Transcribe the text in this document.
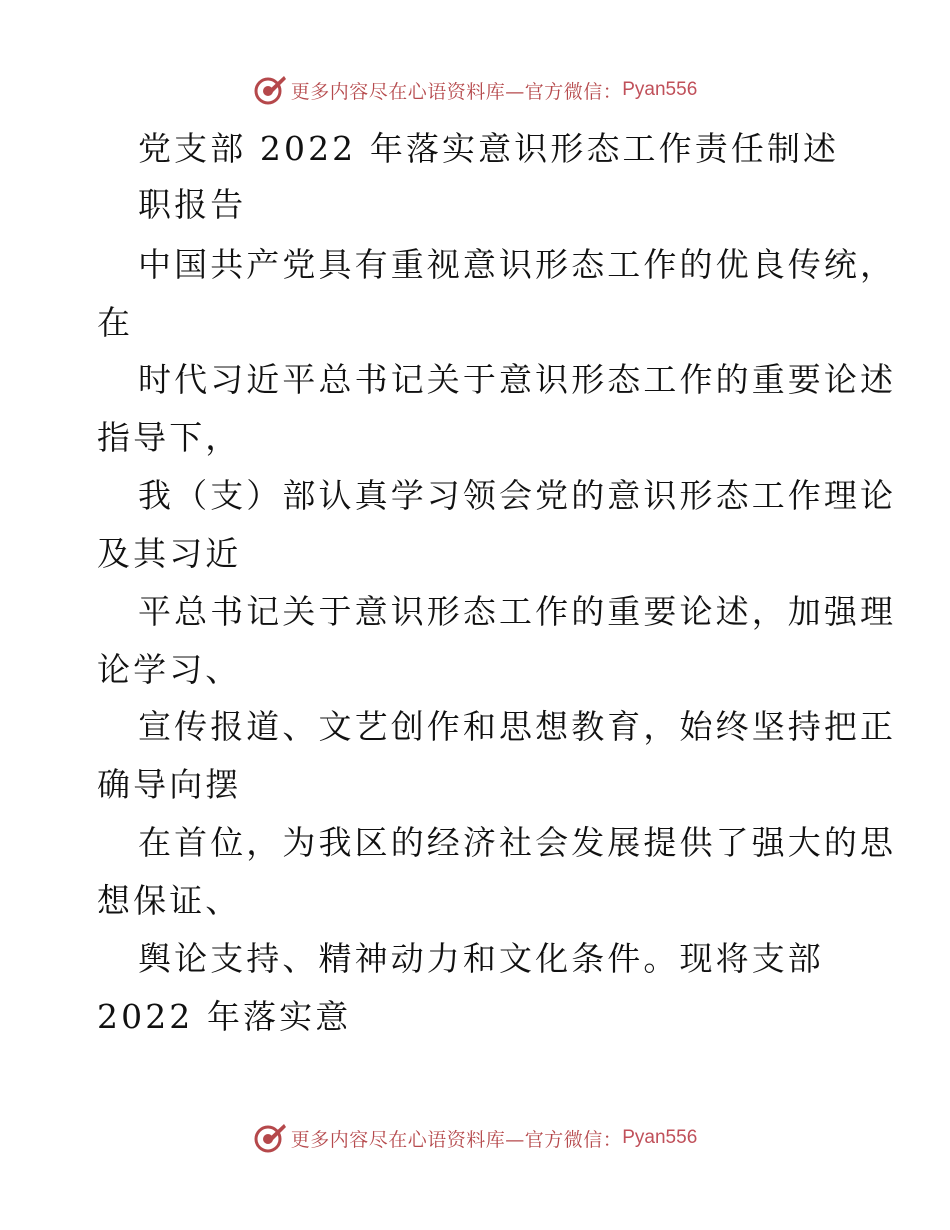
更多内容尽在心语资料库—官方微信： Pyan556
党支部 2022 年落实意识形态工作责任制述
职报告
中国共产党具有重视意识形态工作的优良传统，
在
时代习近平总书记关于意识形态工作的重要论述
指导下，
我（支）部认真学习领会党的意识形态工作理论
及其习近
平总书记关于意识形态工作的重要论述，加强理
论学习、
宣传报道、文艺创作和思想教育，始终坚持把正
确导向摆
在首位，为我区的经济社会发展提供了强大的思
想保证、
舆论支持、精神动力和文化条件。现将支部
2022 年落实意
更多内容尽在心语资料库—官方微信： Pyan556
